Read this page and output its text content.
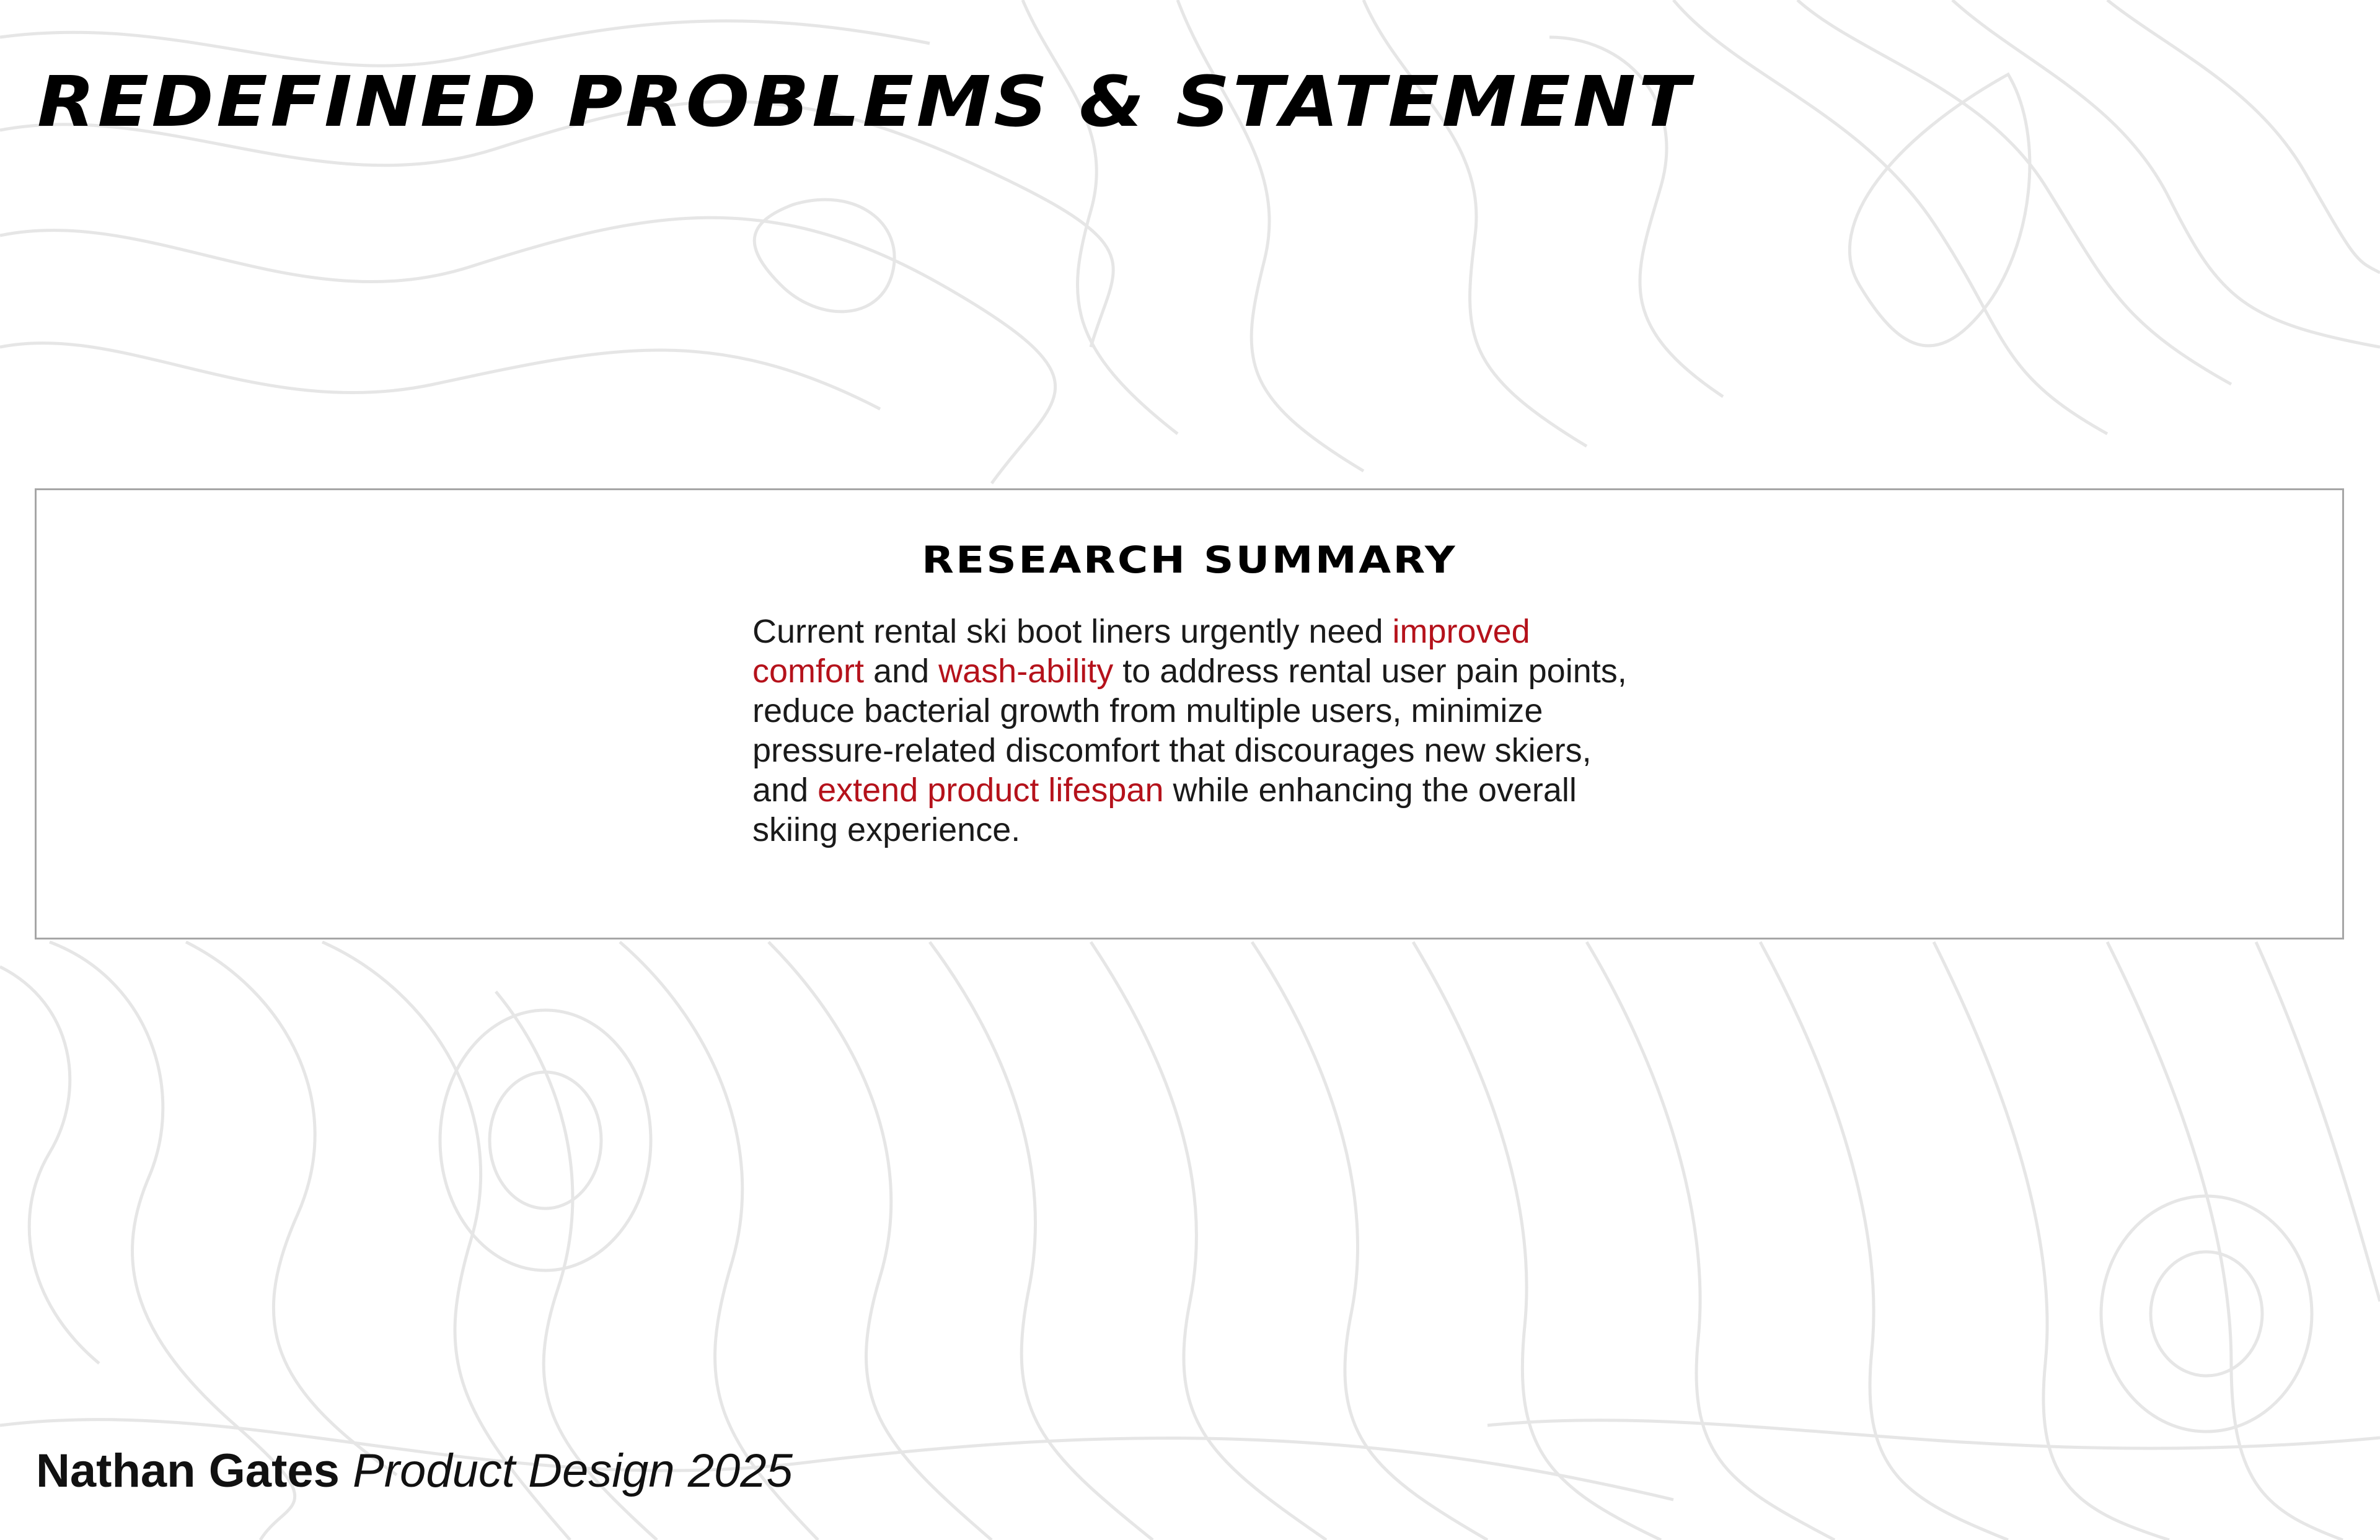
REDEFINED PROBLEMS & STATEMENT
RESEARCH SUMMARY

Current rental ski boot liners urgently need improved comfort and wash-ability to address rental user pain points, reduce bacterial growth from multiple users, minimize pressure-related discomfort that discourages new skiers, and extend product lifespan while enhancing the overall skiing experience.

Nathan Gates Product Design 2025
